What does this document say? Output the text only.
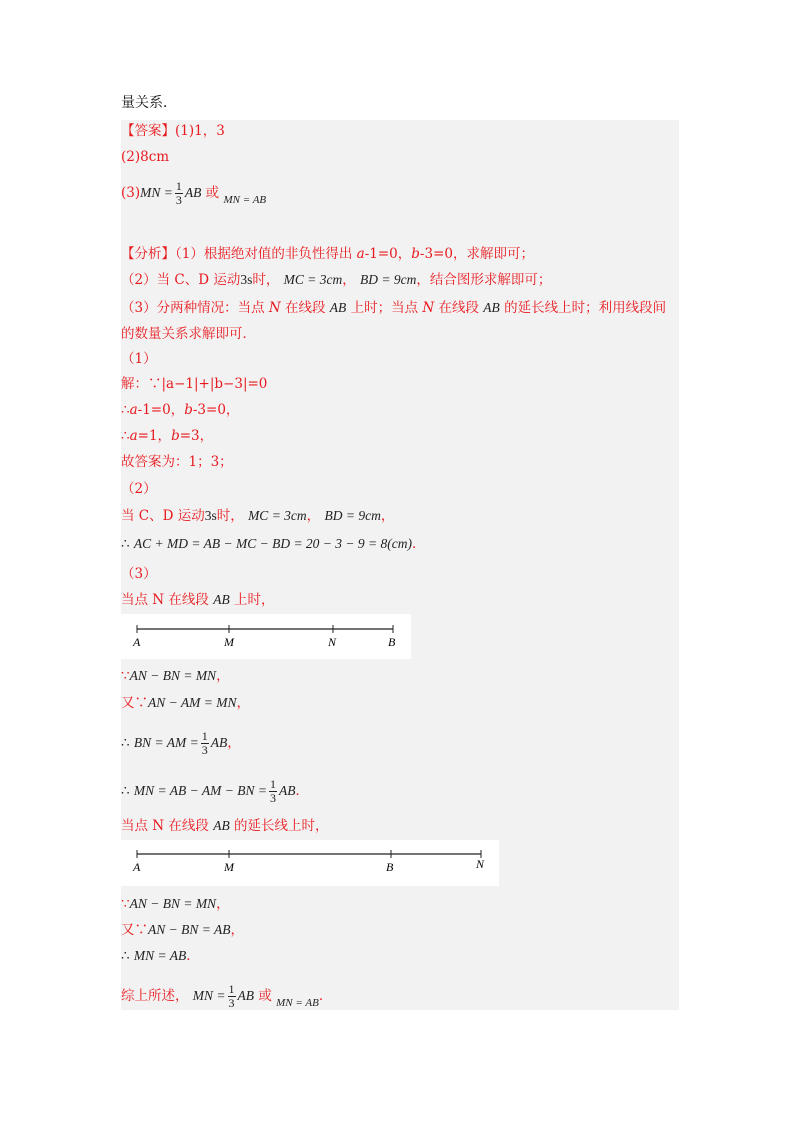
量关系．
【答案】(1)1，3
(2)8cm
$(3)MN = \frac{1}{3}$ AB 或 $_{MN = AB}$
【分析】（1）根据绝对值的非负性得出 a-1=0，b-3=0，求解即可；
（2）当 C、D 运动3s时， MC = 3cm， BD = 9cm，结合图形求解即可；
（3）分两种情况：当点 N 在线段 AB 上时；当点 N 在线段 AB 的延长线上时；利用线段间
的数量关系求解即可．
（1）
解：∵|a−1|+|b−3|=0
∴a-1=0，b-3=0，
∴a=1，b=3，
故答案为：1；3；
（2）
当 C、D 运动3s时， MC = 3cm， BD = 9cm，
∴ AC + MD = AB − MC − BD = 20 − 3 − 9 = 8(cm)．
（3）
当点 N 在线段 AB 上时，
A	M	N	B
∵AN − BN = MN，
又∵AN − AM = MN，
∴ BN = AM = $\frac{1}{3}$ AB，
∴ MN = AB − AM − BN = $\frac{1}{3}$ AB．
当点 N 在线段 AB 的延长线上时，
A	M	B	N
∵AN − BN = MN，
又∵AN − BN = AB，
∴ MN = AB．
综上所述， MN = $\frac{1}{3}$ AB 或 $_{MN = AB}$．
